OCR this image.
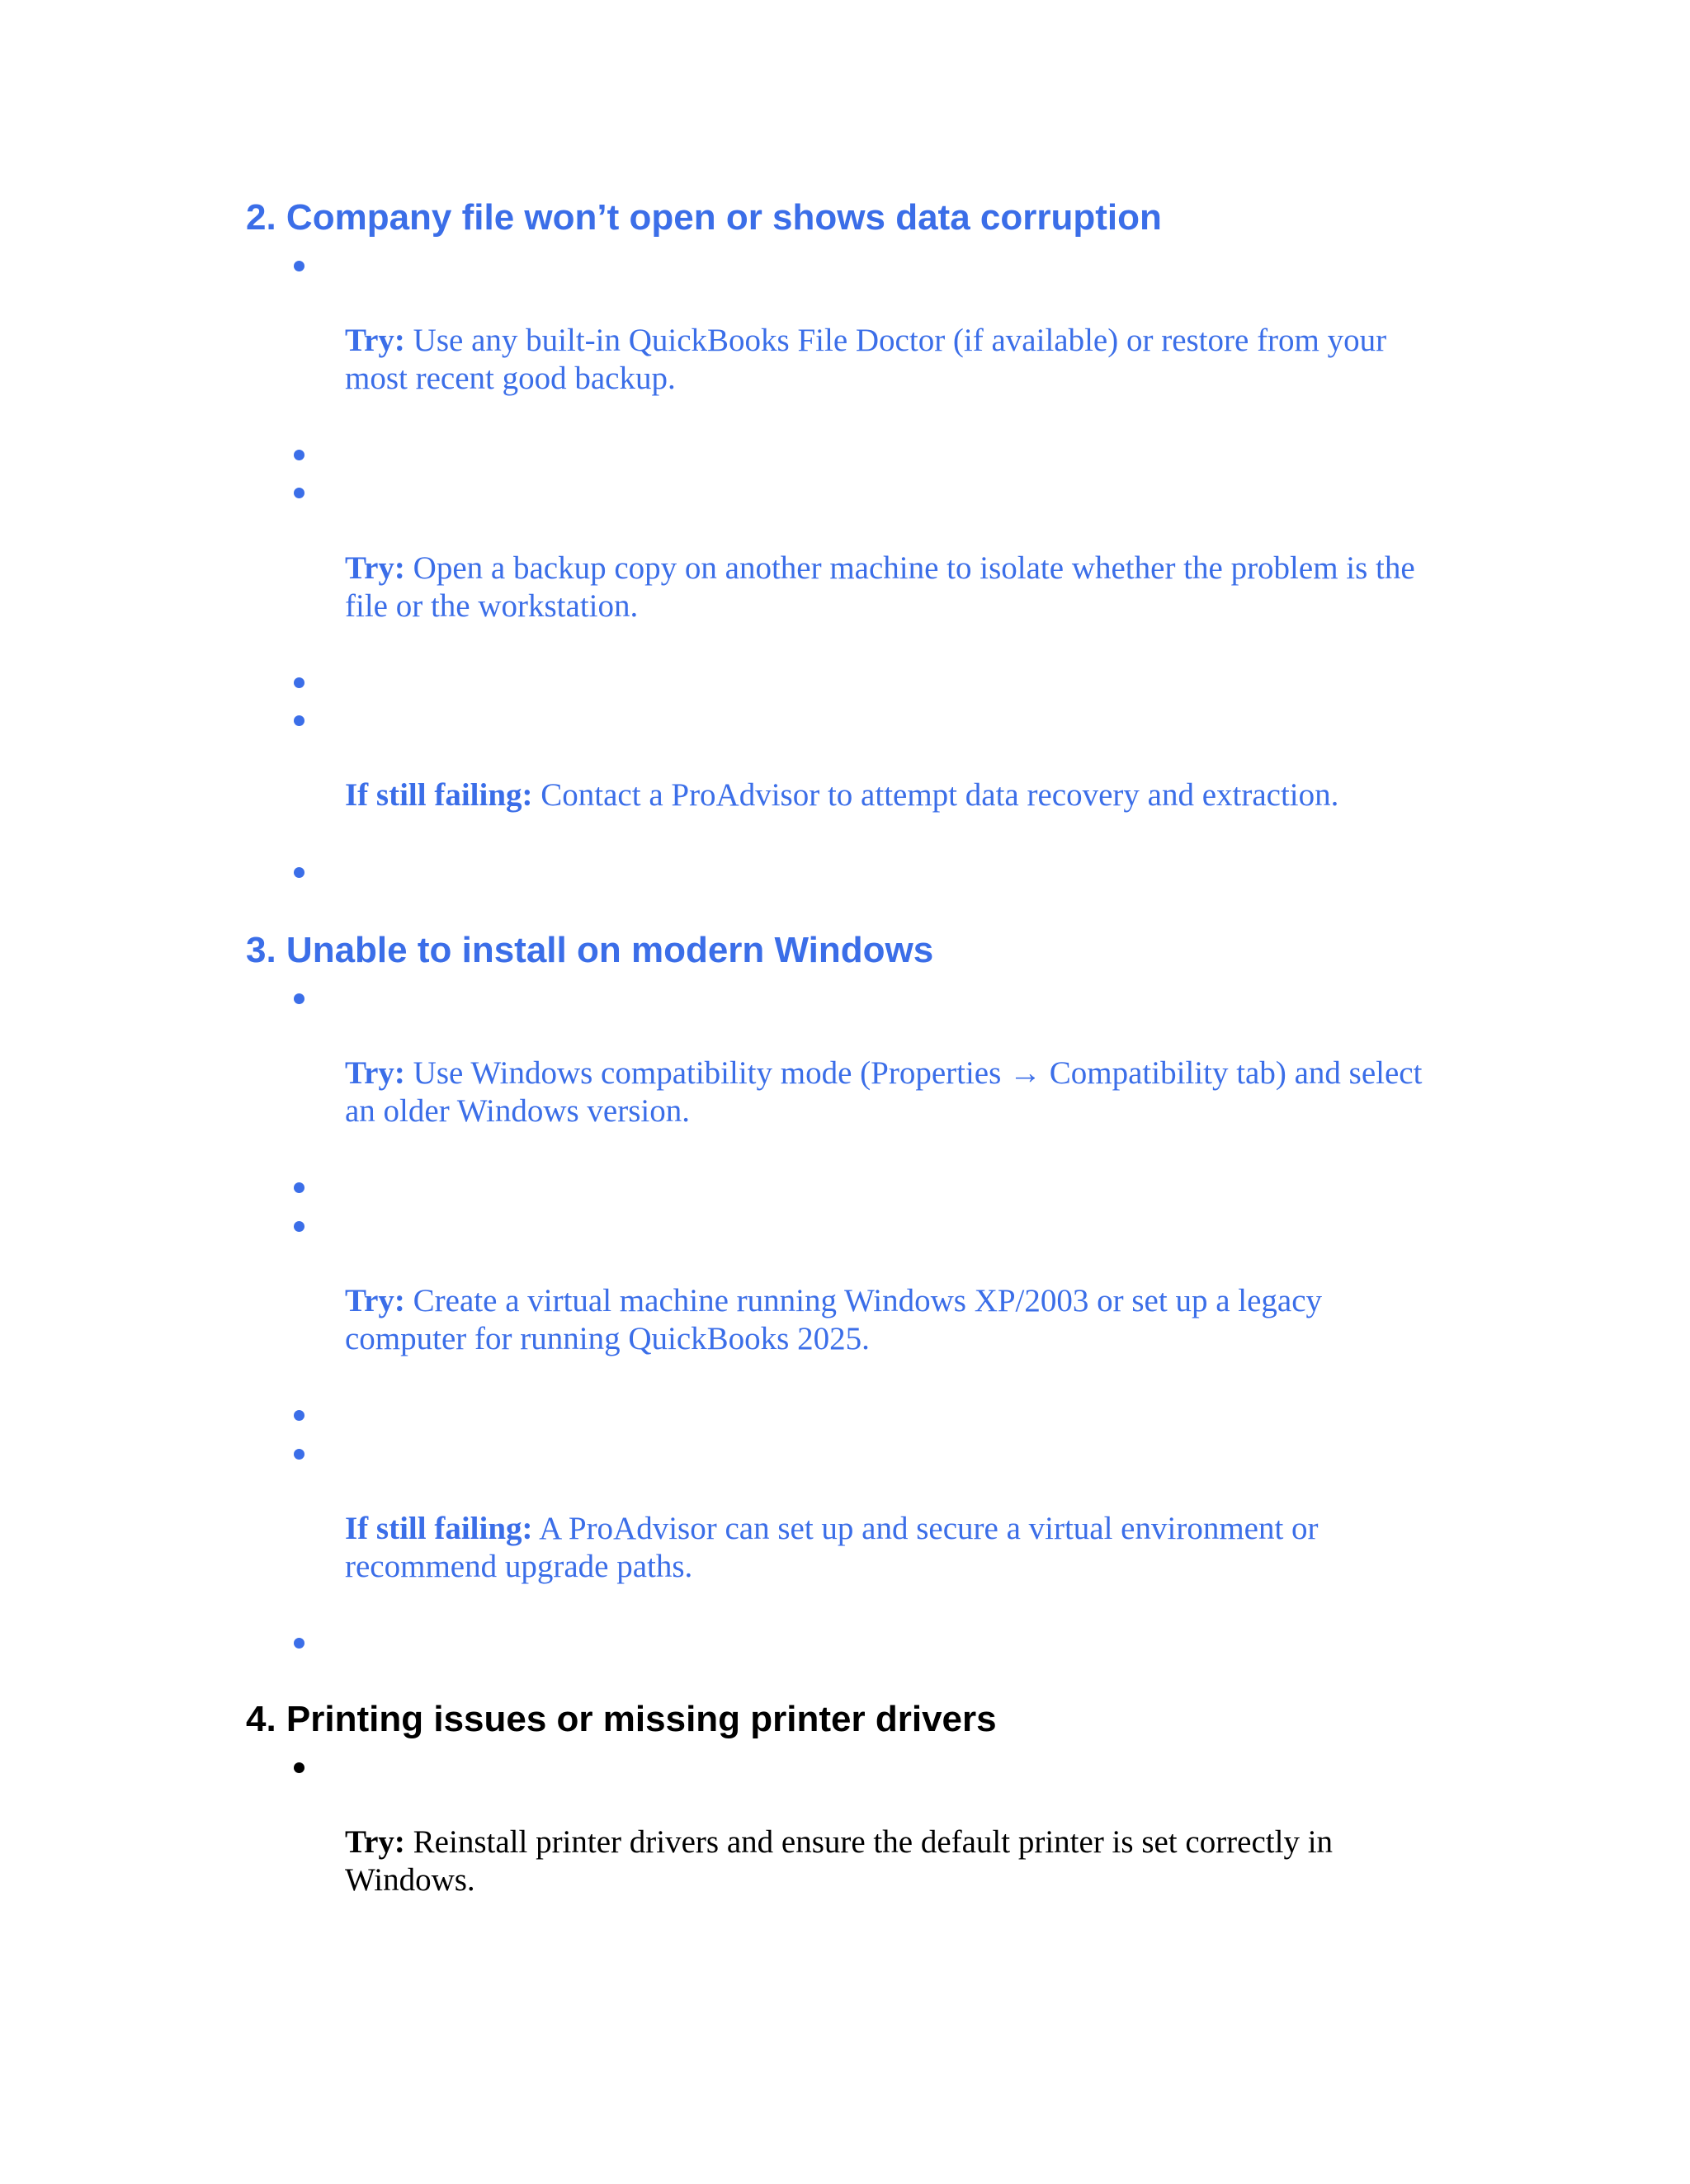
2. Company file won’t open or shows data corruption

Try: Use any built-in QuickBooks File Doctor (if available) or restore from your most recent good backup.

Try: Open a backup copy on another machine to isolate whether the problem is the file or the workstation.

If still failing: Contact a ProAdvisor to attempt data recovery and extraction.

3. Unable to install on modern Windows

Try: Use Windows compatibility mode (Properties → Compatibility tab) and select an older Windows version.

Try: Create a virtual machine running Windows XP/2003 or set up a legacy computer for running QuickBooks 2025.

If still failing: A ProAdvisor can set up and secure a virtual environment or recommend upgrade paths.

4. Printing issues or missing printer drivers

Try: Reinstall printer drivers and ensure the default printer is set correctly in Windows.
